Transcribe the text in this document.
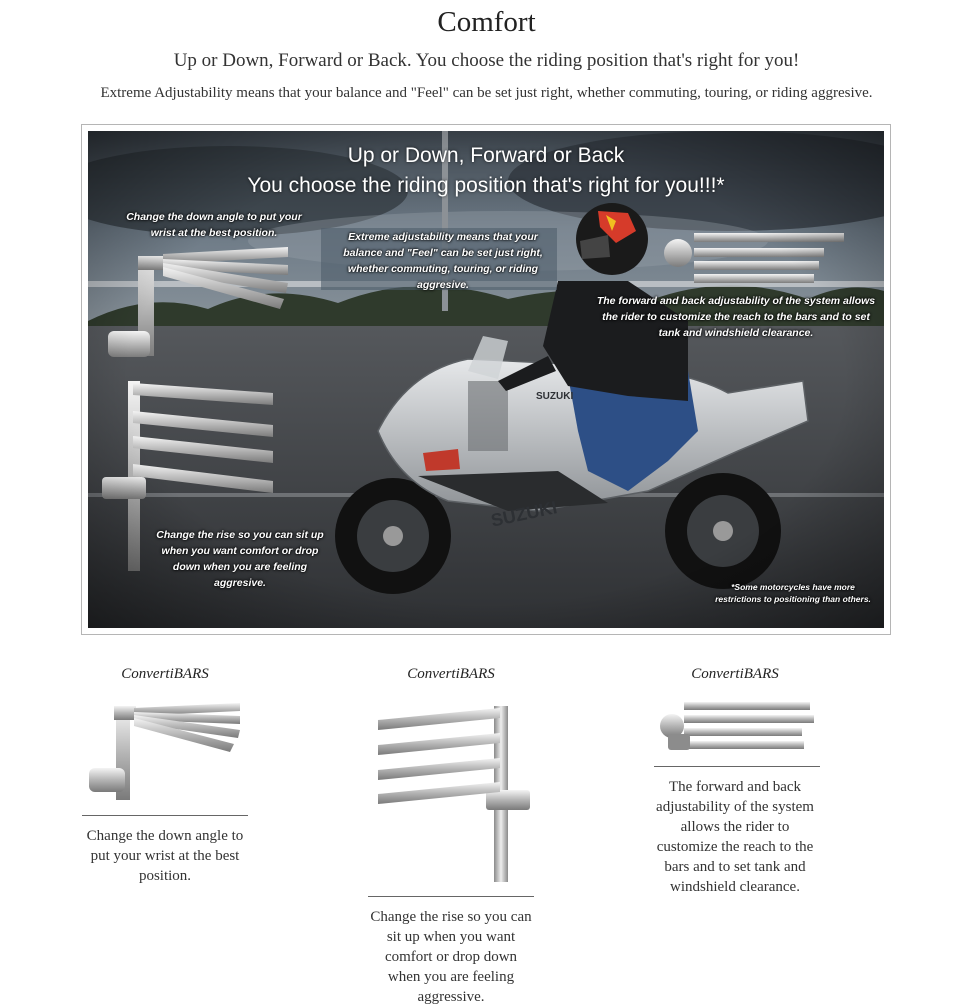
Comfort
Up or Down, Forward or Back. You choose the riding position that's right for you!
Extreme Adjustability means that your balance and "Feel" can be set just right, whether commuting, touring, or riding aggresive.
SUZUKI
SUZUKI
Up or Down, Forward or Back
You choose the riding position that's right for you!!!*
Change the down angle to put your wrist at the best position.	Extreme adjustability means that your balance and "Feel" can be set just right, whether commuting, touring, or riding aggresive.
The forward and back adjustability of the system allows the rider to customize the reach to the bars and to set tank and windshield clearance.
Change the rise so you can sit up when you want comfort or drop down when you are feeling aggresive.	*Some motorcycles have more restrictions to positioning than others.
ConvertiBARS
Change the down angle to put your wrist at the best position.
ConvertiBARS
Change the rise so you can sit up when you want comfort or drop down when you are feeling aggressive.
ConvertiBARS
The forward and back adjustability of the system allows the rider to customize the reach to the bars and to set tank and windshield clearance.
